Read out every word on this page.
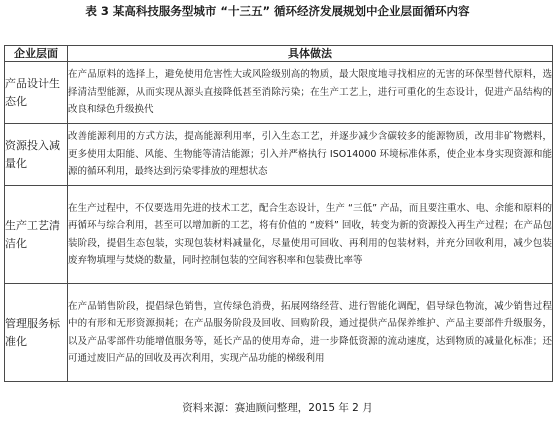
表 3 某高科技服务型城市 “十三五” 循环经济发展规划中企业层面循环内容
企业层面	具体做法
产品设计生态化	在产品原料的选择上，避免使用危害性大或风险级别高的物质，最大限度地寻找相应的无害的环保型替代原料，选择清洁型能源，从而实现从源头直接降低甚至消除污染；在生产工艺上，进行可重化的生态设计，促进产品结构的改良和绿色升级换代
资源投入减量化	改善能源利用的方式方法，提高能源利用率，引入生态工艺，并逐步减少含碳较多的能源物质，改用非矿物燃料，更多使用太阳能、风能、生物能等清洁能源；引入并严格执行 ISO14000 环境标准体系，使企业本身实现资源和能源的循环利用，最终达到污染零排放的理想状态
生产工艺清洁化	在生产过程中，不仅要选用先进的技术工艺，配合生态设计，生产 “三低” 产品，而且要注重水、电、余能和原料的再循环与综合利用，甚至可以增加新的工艺，将有价值的 “废料” 回收，转变为新的资源投入再生产过程；在产品包装阶段，提倡生态包装，实现包装材料减量化，尽量使用可回收、再利用的包装材料，并充分回收利用，减少包装废弃物填埋与焚烧的数量，同时控制包装的空间容积率和包装费比率等
管理服务标准化	在产品销售阶段，提倡绿色销售，宣传绿色消费，拓展网络经营、进行智能化调配，倡导绿色物流，减少销售过程中的有形和无形资源损耗；在产品服务阶段及回收、回购阶段，通过提供产品保养维护、产品主要部件升级服务，以及产品零部件功能增值服务等，延长产品的使用寿命，进一步降低资源的流动速度，达到物质的减量化标准；还可通过废旧产品的回收及再次利用，实现产品功能的梯级利用
资料来源：赛迪顾问整理，2015 年 2 月
